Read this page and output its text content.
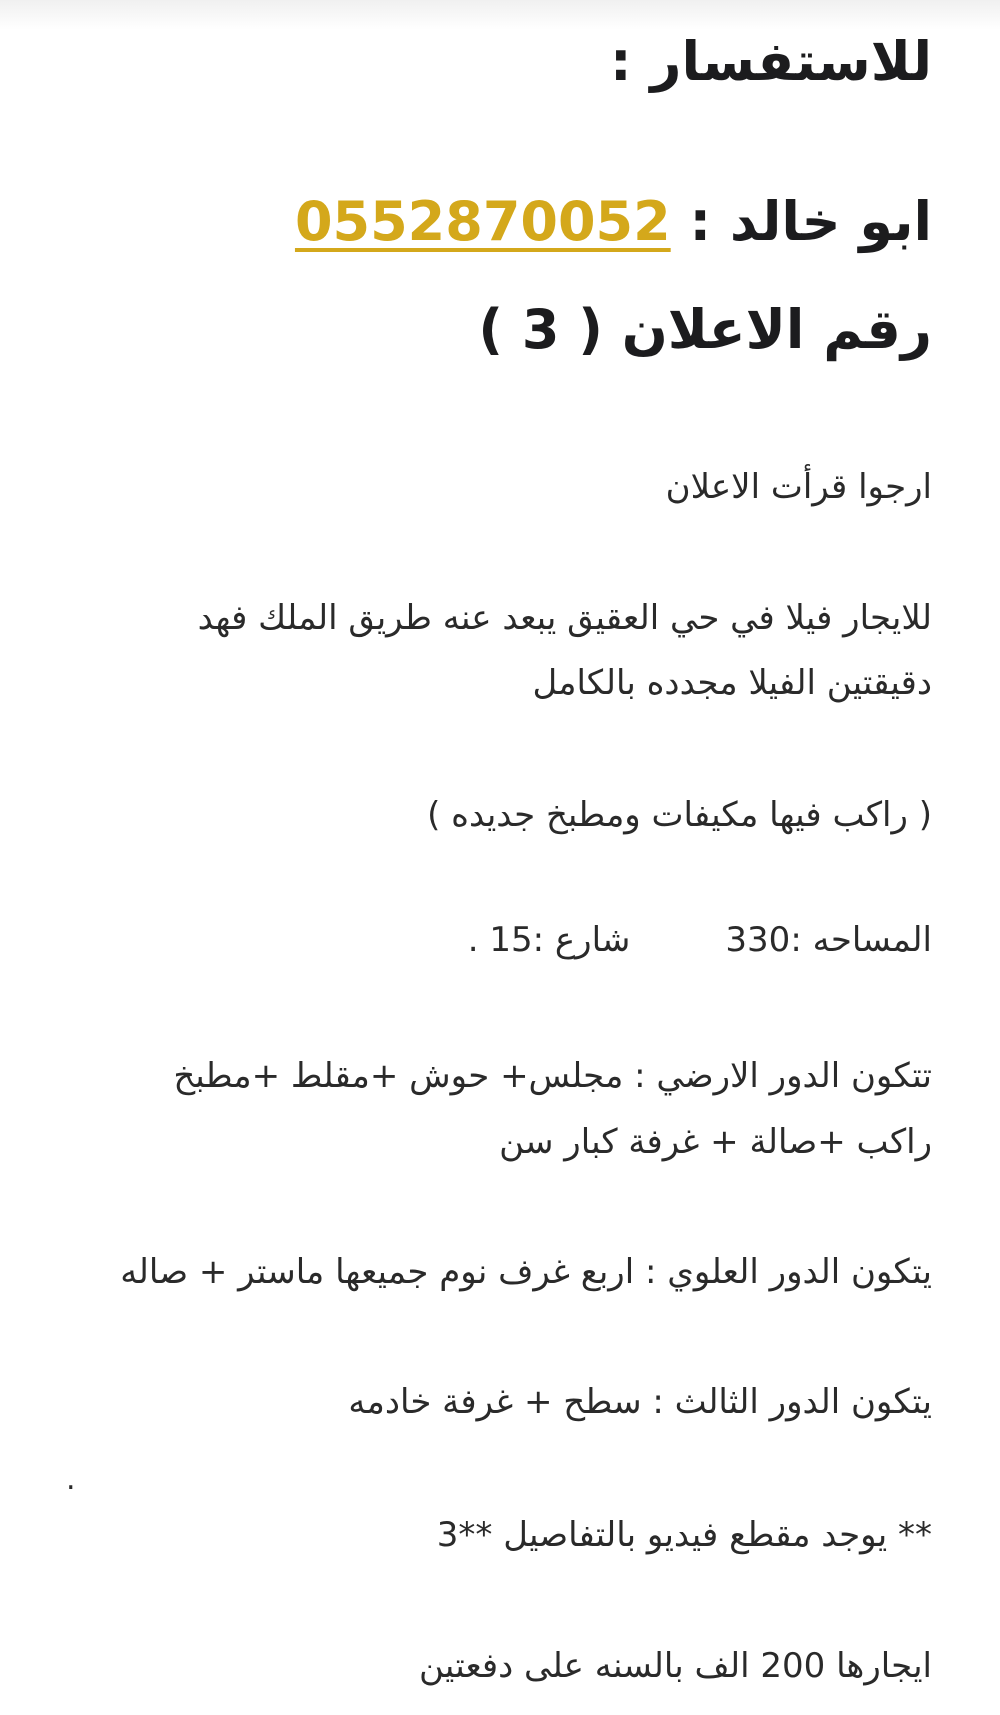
للاستفسار :
ابو خالد : 0552870052
رقم الاعلان ( 3 )
ارجوا قرأت الاعلان
للايجار فيلا في حي العقيق يبعد عنه طريق الملك فهد
دقيقتين الفيلا مجدده بالكامل
( راكب فيها مكيفات ومطبخ جديده )
المساحه :330
شارع :15 .
تتكون الدور الارضي : مجلس+ حوش +مقلط +مطبخ
راكب +صالة + غرفة كبار سن
يتكون الدور العلوي : اربع غرف نوم جميعها ماستر + صاله
يتكون الدور الثالث : سطح + غرفة خادمه
.
** يوجد مقطع فيديو بالتفاصيل **3
ايجارها 200 الف بالسنه على دفعتين
